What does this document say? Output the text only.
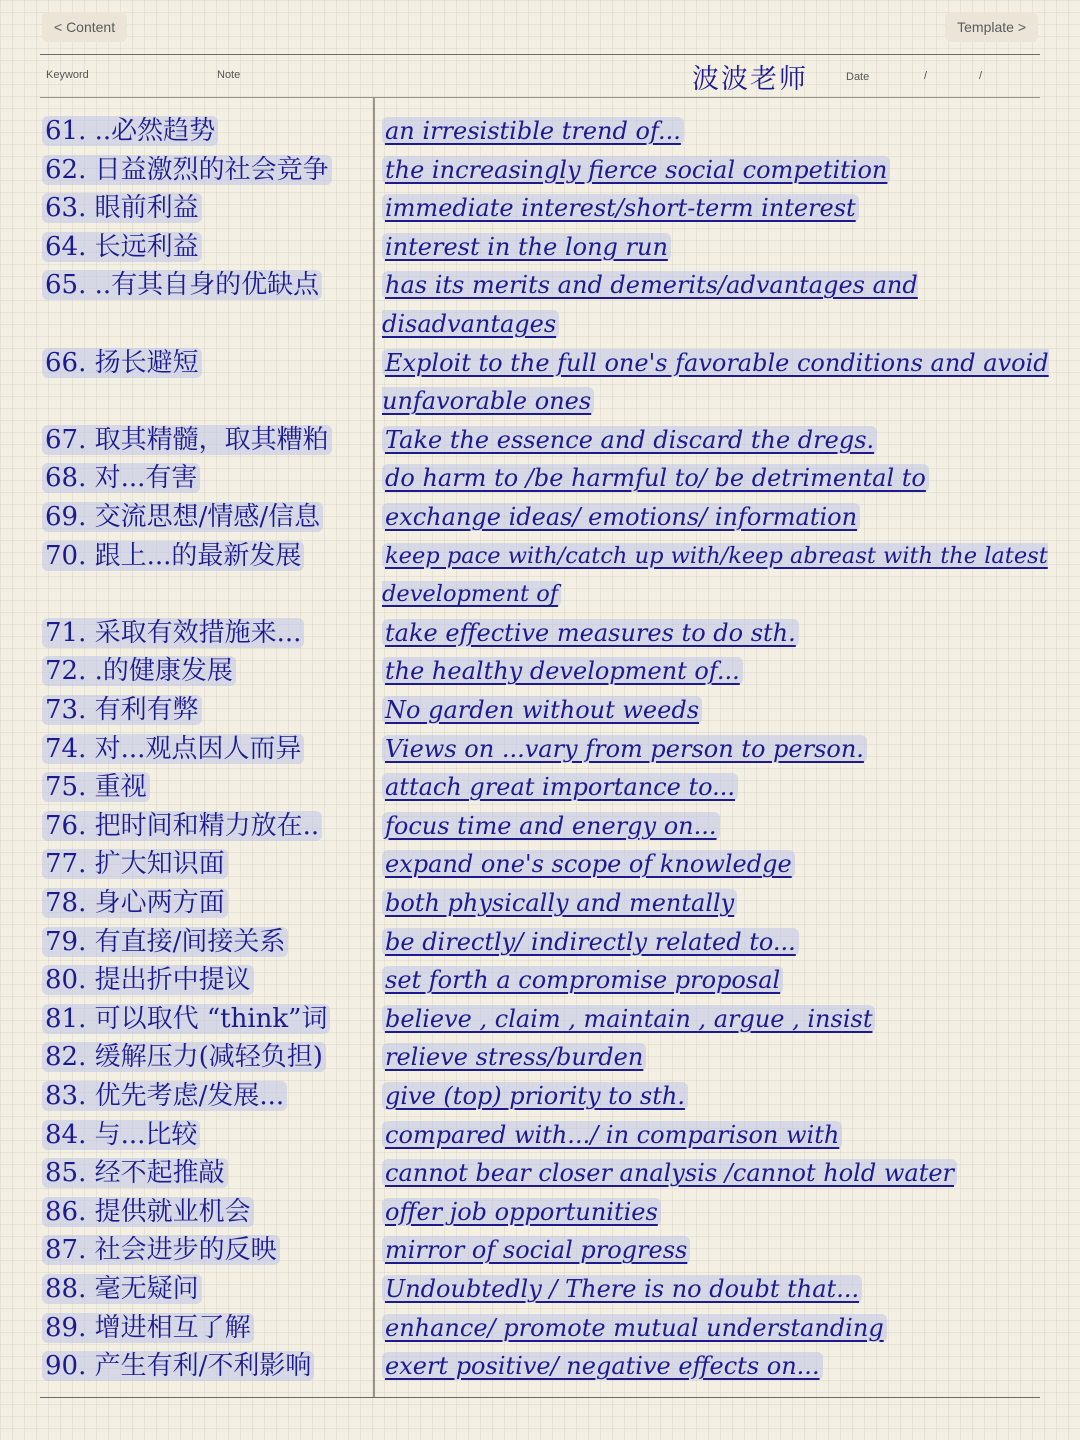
< Content	Template >
Keyword	Note	波波老师	Date	/	/
61. ..必然趋势	an irresistible trend of...
62. 日益激烈的社会竞争	the increasingly fierce social competition
63. 眼前利益	immediate interest/short-term interest
64. 长远利益	interest in the long run
65. ..有其自身的优缺点	has its merits and demerits/advantages and disadvantages
66. 扬长避短	Exploit to the full one's favorable conditions and avoid unfavorable ones
67. 取其精髓，取其糟粕	Take the essence and discard the dregs.
68. 对...有害	do harm to /be harmful to/ be detrimental to
69. 交流思想/情感/信息	exchange ideas/ emotions/ information
70. 跟上...的最新发展	keep pace with/catch up with/keep abreast with the latest development of
71. 采取有效措施来...	take effective measures to do sth.
72. .的健康发展	the healthy development of...
73. 有利有弊	No garden without weeds
74. 对...观点因人而异	Views on ...vary from person to person.
75. 重视	attach great importance to...
76. 把时间和精力放在..	focus time and energy on...
77. 扩大知识面	expand one's scope of knowledge
78. 身心两方面	both physically and mentally
79. 有直接/间接关系	be directly/ indirectly related to...
80. 提出折中提议	set forth a compromise proposal
81. 可以取代 “think”词	believe , claim , maintain , argue , insist
82. 缓解压力(减轻负担)	relieve stress/burden
83. 优先考虑/发展...	give (top) priority to sth.
84. 与...比较	compared with.../ in comparison with
85. 经不起推敲	cannot bear closer analysis /cannot hold water
86. 提供就业机会	offer job opportunities
87. 社会进步的反映	mirror of social progress
88. 毫无疑问	Undoubtedly / There is no doubt that...
89. 增进相互了解	enhance/ promote mutual understanding
90. 产生有利/不利影响	exert positive/ negative effects on...
